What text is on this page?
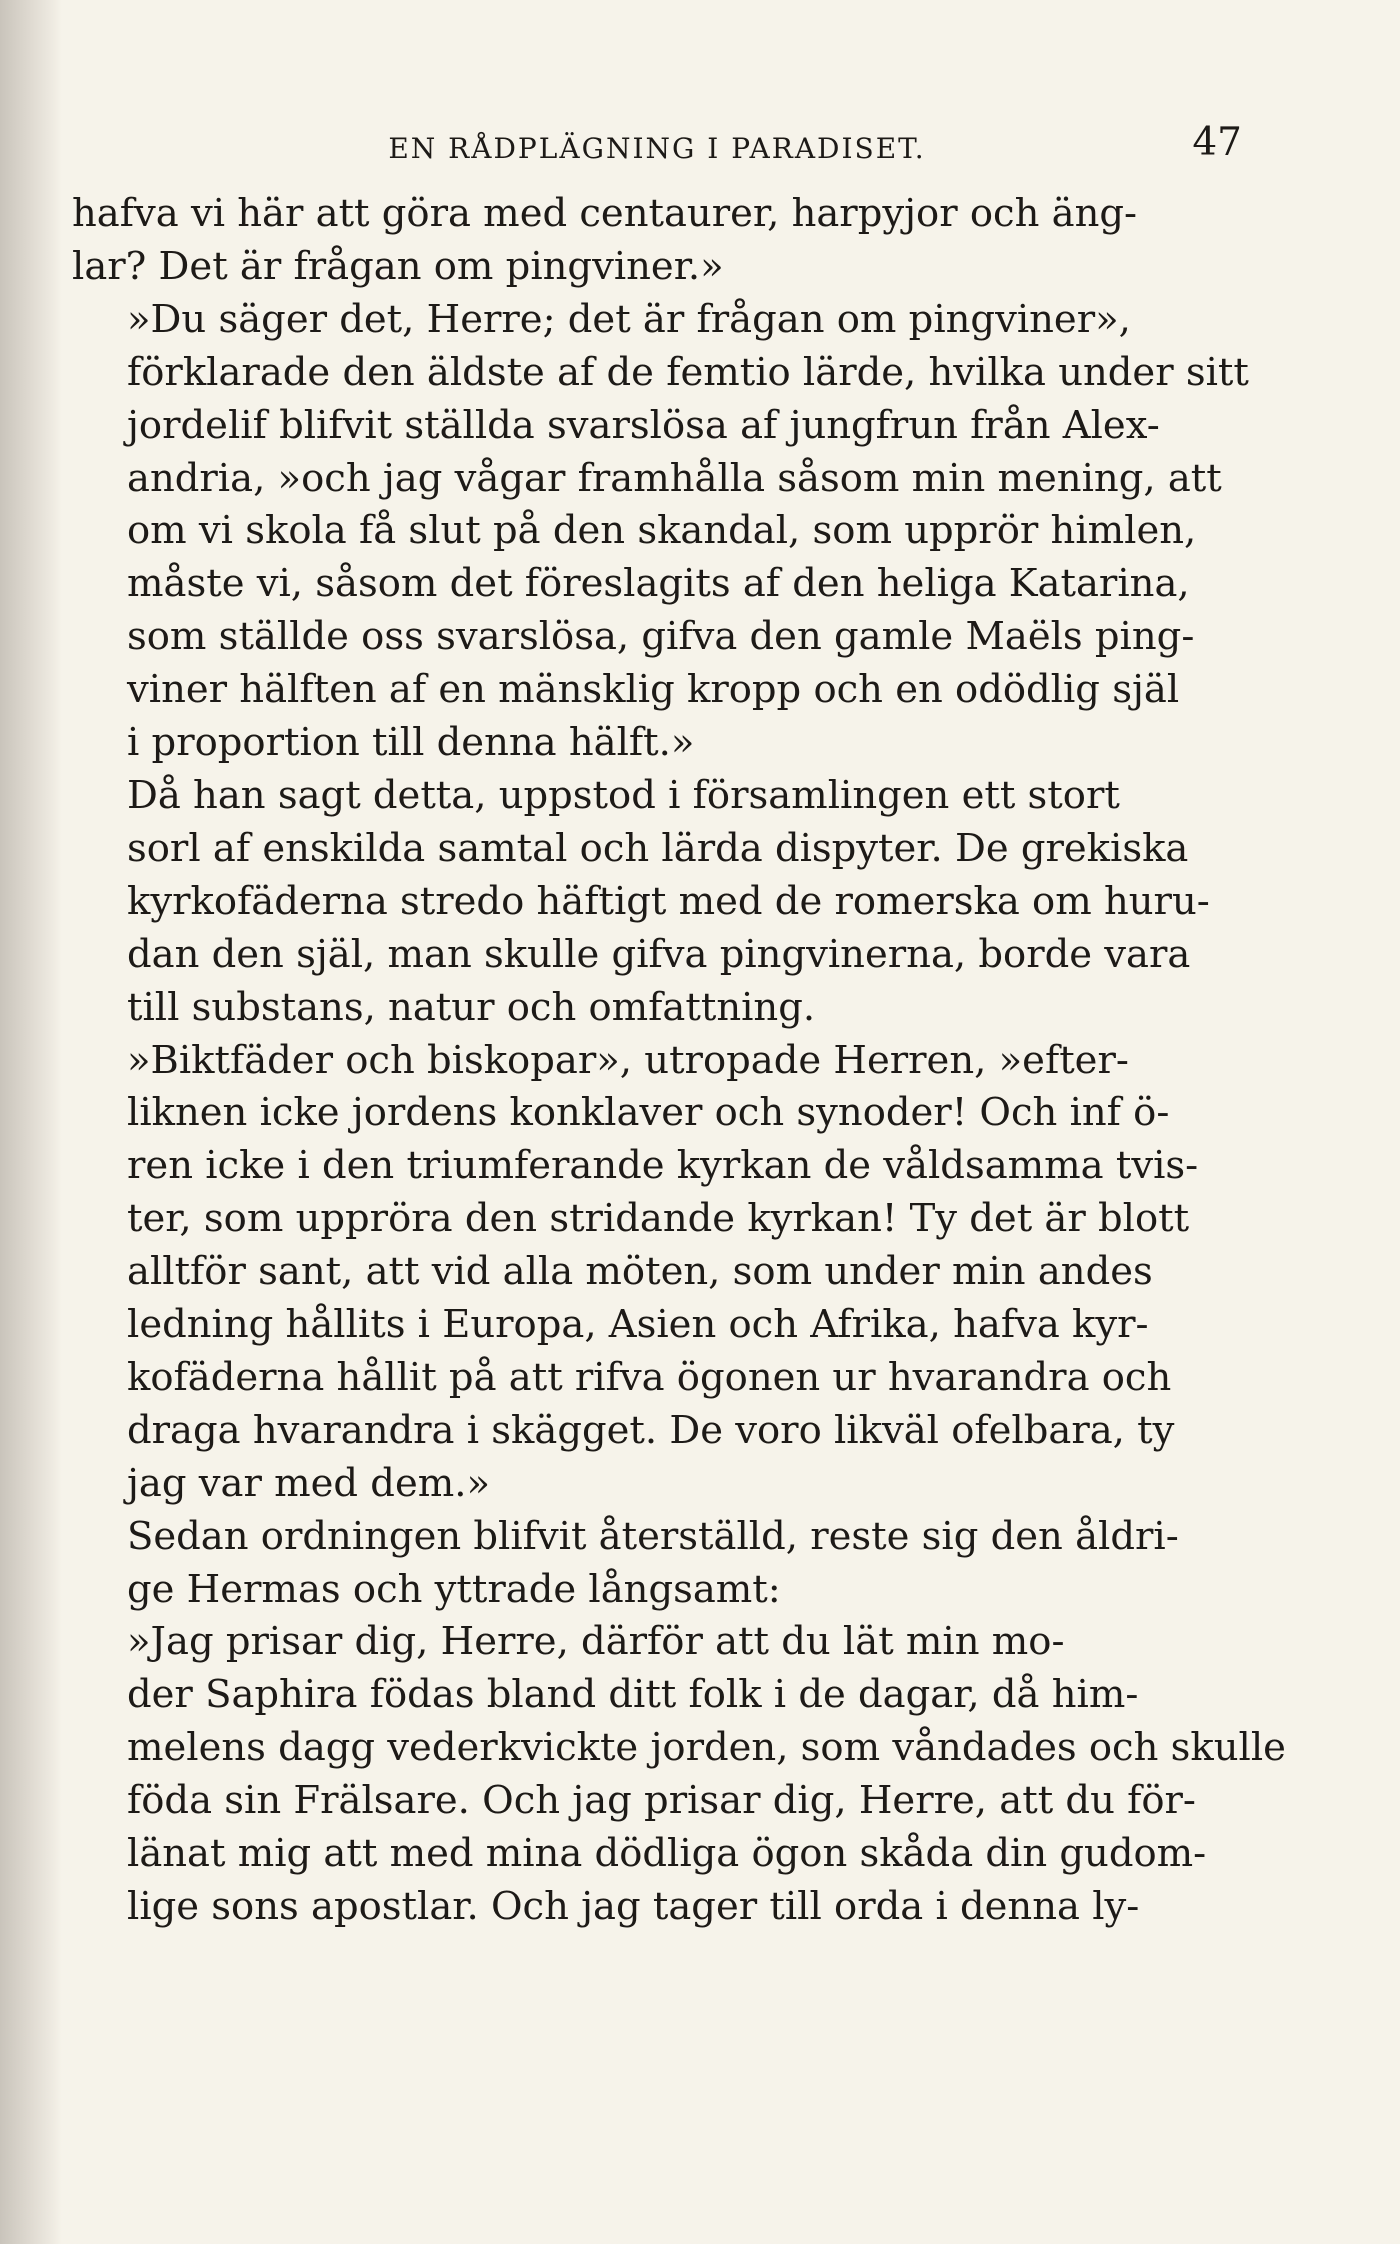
EN RÅDPLÄGNING I PARADISET.	47

hafva vi här att göra med centaurer, harpyjor och äng-
lar? Det är frågan om pingviner.»

»Du säger det, Herre; det är frågan om pingviner»,
förklarade den äldste af de femtio lärde, hvilka under sitt
jordelif blifvit ställda svarslösa af jungfrun från Alex-
andria, »och jag vågar framhålla såsom min mening, att
om vi skola få slut på den skandal, som upprör himlen,
måste vi, såsom det föreslagits af den heliga Katarina,
som ställde oss svarslösa, gifva den gamle Maëls ping-
viner hälften af en mänsklig kropp och en odödlig själ
i proportion till denna hälft.»

Då han sagt detta, uppstod i församlingen ett stort
sorl af enskilda samtal och lärda dispyter. De grekiska
kyrkofäderna stredo häftigt med de romerska om huru-
dan den själ, man skulle gifva pingvinerna, borde vara
till substans, natur och omfattning.

»Biktfäder och biskopar», utropade Herren, »efter-
liknen icke jordens konklaver och synoder! Och inf ö-
ren icke i den triumferande kyrkan de våldsamma tvis-
ter, som upprörа den stridande kyrkan! Ty det är blott
alltför sant, att vid alla möten, som under min andes
ledning hållits i Europa, Asien och Afrika, hafva kyr-
kofäderna hållit på att rifva ögonen ur hvarandra och
draga hvarandra i skägget. De voro likväl ofelbara, ty
jag var med dem.»

Sedan ordningen blifvit återställd, reste sig den åldri-
ge Hermas och yttrade långsamt:

»Jag prisar dig, Herre, därför att du lät min mo-
der Saphira födas bland ditt folk i de dagar, då him-
melens dagg vederkvickte jorden, som våndades och skulle
föda sin Frälsare. Och jag prisar dig, Herre, att du för-
länat mig att med mina dödliga ögon skåda din gudom-
lige sons apostlar. Och jag tager till orda i denna ly-
